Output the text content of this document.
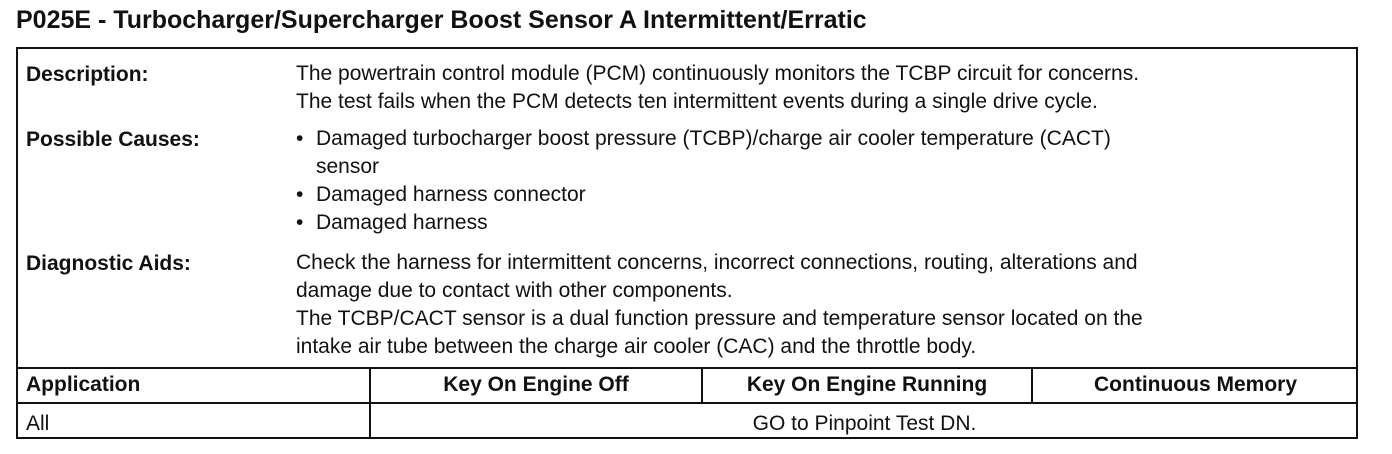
P025E - Turbocharger/Supercharger Boost Sensor A Intermittent/Erratic
Description:	The powertrain control module (PCM) continuously monitors the TCBP circuit for concerns.
The test fails when the PCM detects ten intermittent events during a single drive cycle.
Possible Causes:	• Damaged turbocharger boost pressure (TCBP)/charge air cooler temperature (CACT)
sensor
• Damaged harness connector
• Damaged harness
Diagnostic Aids:	Check the harness for intermittent concerns, incorrect connections, routing, alterations and
damage due to contact with other components.
The TCBP/CACT sensor is a dual function pressure and temperature sensor located on the
intake air tube between the charge air cooler (CAC) and the throttle body.
Application	Key On Engine Off	Key On Engine Running	Continuous Memory
All	GO to Pinpoint Test DN.
